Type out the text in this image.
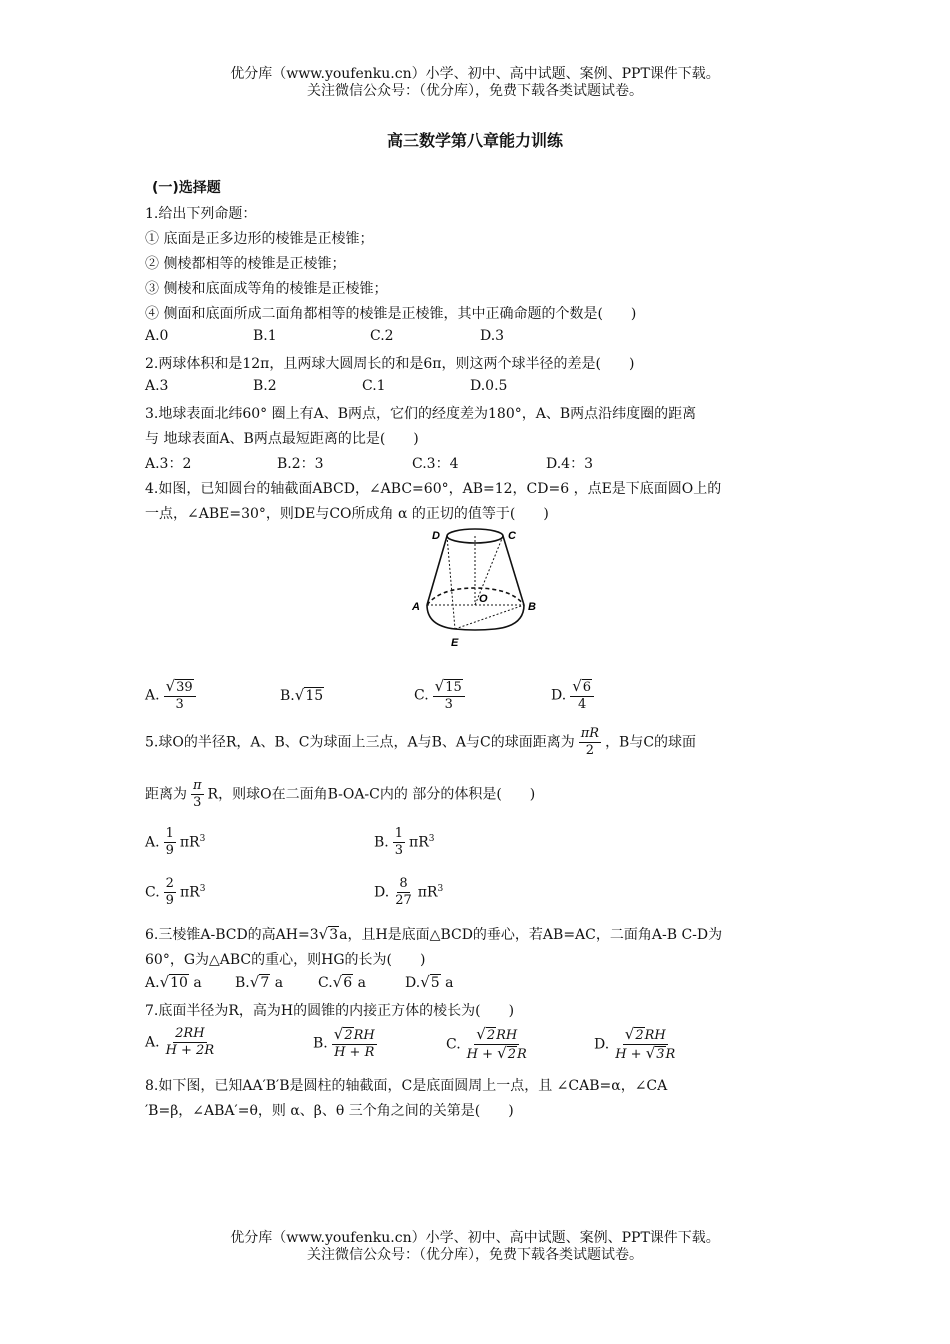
优分库（www.youfenku.cn）小学、初中、高中试题、案例、PPT课件下载。
关注微信公众号：（优分库），免费下载各类试题试卷。
高三数学第八章能力训练
(一)选择题
1.给出下列命题：
① 底面是正多边形的棱锥是正棱锥；
② 侧棱都相等的棱锥是正棱锥；
③ 侧棱和底面成等角的棱锥是正棱锥；
④ 侧面和底面所成二面角都相等的棱锥是正棱锥，其中正确命题的个数是(　　)
A.0	B.1	C.2	D.3
2.两球体积和是12π，且两球大圆周长的和是6π，则这两个球半径的差是(　　)
A.3	B.2	C.1	D.0.5
3.地球表面北纬60° 圈上有A、B两点，它们的经度差为180°，A、B两点沿纬度圈的距离
与 地球表面A、B两点最短距离的比是(　　)
A.3：2	B.2：3	C.3：4	D.4：3
4.如图，已知圆台的轴截面ABCD，∠ABC=60°，AB=12，CD=6 ，点E是下底面圆O上的
一点，∠ABE=30°，则DE与CO所成角 α 的正切的值等于(　　)
D	C
A	B
O
E
A. $\frac{√39}{3}$	B.√15	C. $\frac{√15}{3}$	D. $\frac{√6}{4}$
5.球O的半径R，A、B、C为球面上三点，A与B、A与C的球面距离为 $\frac{\pi R}{2}$ ，B与C的球面
距离为 $\frac{\pi}{3}$ R，则球O在二面角B-OA-C内的 部分的体积是(　　)
A. $\frac{1}{9} \pi R^3$	B. $\frac{1}{3} \pi R^3$
C. $\frac{2}{9} \pi R^3$	D. $\frac{8}{27} \pi R^3$
6.三棱锥A-BCD的高AH=3√3a，且H是底面△BCD的垂心，若AB=AC，二面角A-B C-D为
60°，G为△ABC的重心，则HG的长为(　　)
A.√10 a B.√7 a C.√6 a	D.√5 a
7.底面半径为R，高为H的圆锥的内接正方体的棱长为(　　)
A. $\frac{2RH}{H + 2R}$	B. $\frac{√2RH}{H + R}$	C. $\frac{√2RH}{H + √2R}$	D. $\frac{√2RH}{H + √3R}$
8.如下图，已知AA′B′B是圆柱的轴截面，C是底面圆周上一点，且 ∠CAB=α，∠CA
′B=β，∠ABA′=θ，则 α、β、θ 三个角之间的关第是(　　)
优分库（www.youfenku.cn）小学、初中、高中试题、案例、PPT课件下载。
关注微信公众号：（优分库），免费下载各类试题试卷。
